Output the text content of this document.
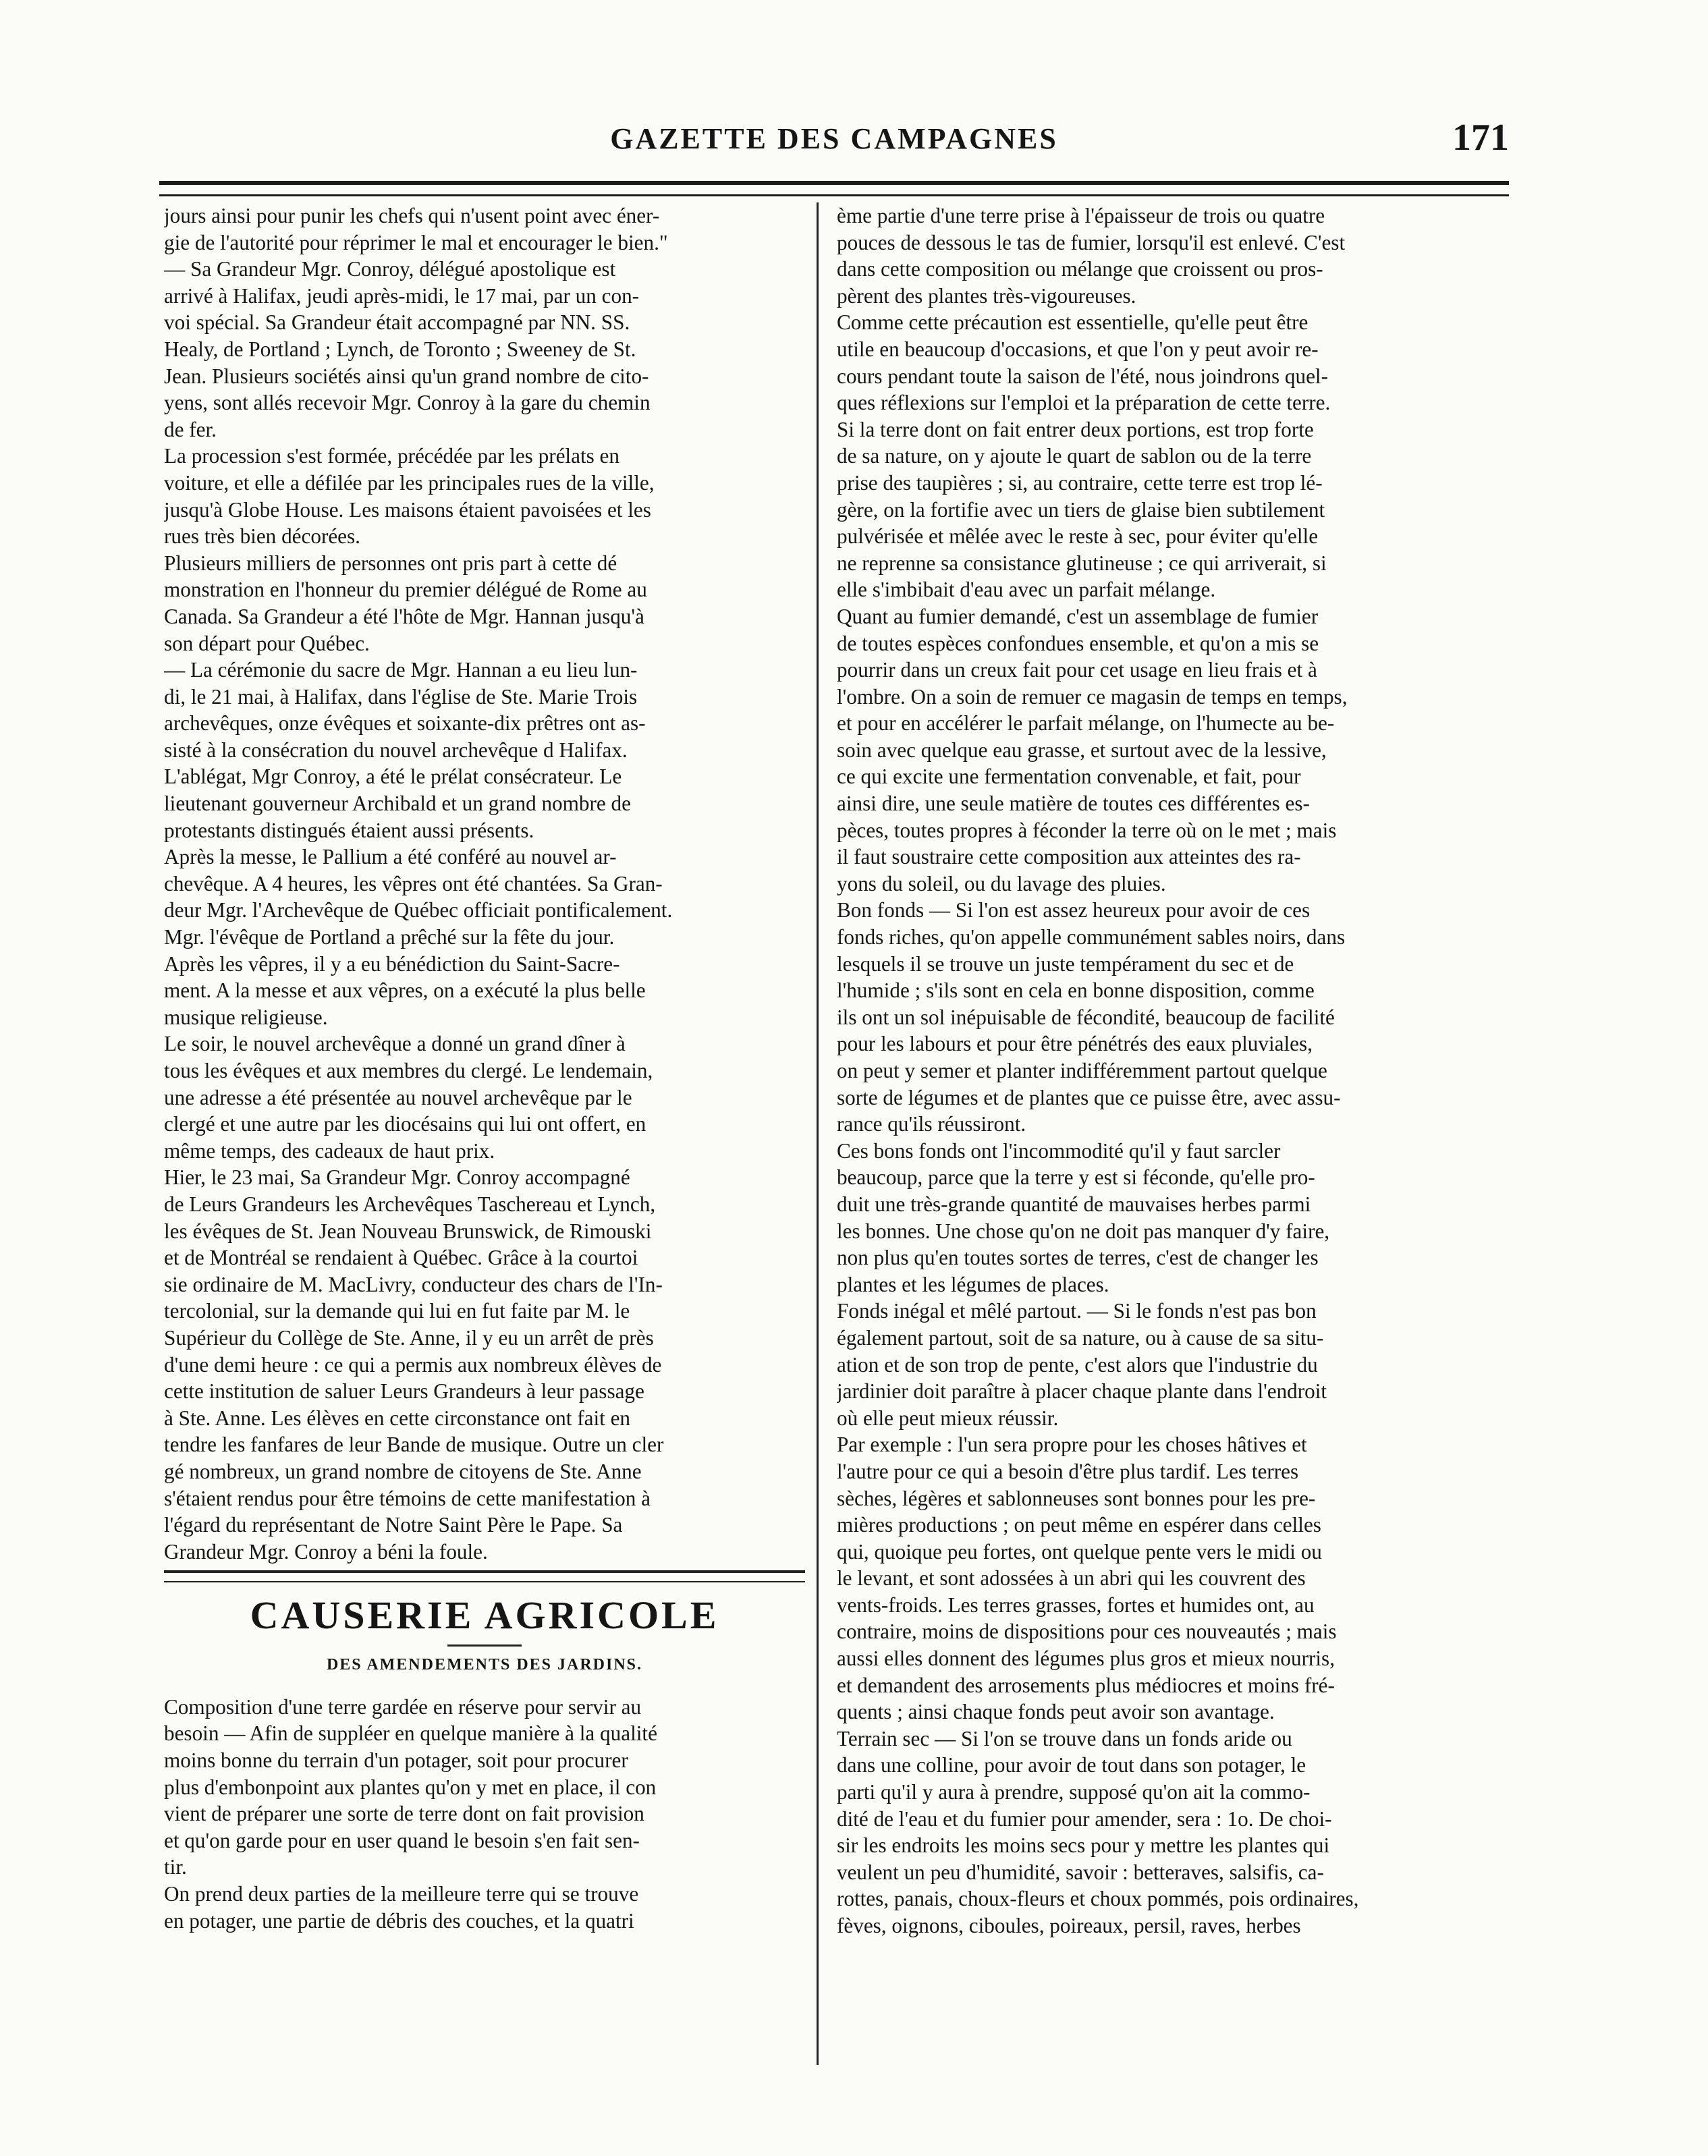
GAZETTE DES CAMPAGNES	171
jours ainsi pour punir les chefs qui n'usent point avec éner-
gie de l'autorité pour réprimer le mal et encourager le bien."
— Sa Grandeur Mgr. Conroy, délégué apostolique est
arrivé à Halifax, jeudi après-midi, le 17 mai, par un con-
voi spécial. Sa Grandeur était accompagné par NN. SS.
Healy, de Portland ; Lynch, de Toronto ; Sweeney de St.
Jean. Plusieurs sociétés ainsi qu'un grand nombre de cito-
yens, sont allés recevoir Mgr. Conroy à la gare du chemin
de fer.
La procession s'est formée, précédée par les prélats en
voiture, et elle a défilée par les principales rues de la ville,
jusqu'à Globe House. Les maisons étaient pavoisées et les
rues très bien décorées.
Plusieurs milliers de personnes ont pris part à cette dé
monstration en l'honneur du premier délégué de Rome au
Canada. Sa Grandeur a été l'hôte de Mgr. Hannan jusqu'à
son départ pour Québec.
— La cérémonie du sacre de Mgr. Hannan a eu lieu lun-
di, le 21 mai, à Halifax, dans l'église de Ste. Marie Trois
archevêques, onze évêques et soixante-dix prêtres ont as-
sisté à la consécration du nouvel archevêque d Halifax.
L'ablégat, Mgr Conroy, a été le prélat consécrateur. Le
lieutenant gouverneur Archibald et un grand nombre de
protestants distingués étaient aussi présents.
Après la messe, le Pallium a été conféré au nouvel ar-
chevêque. A 4 heures, les vêpres ont été chantées. Sa Gran-
deur Mgr. l'Archevêque de Québec officiait pontificalement.
Mgr. l'évêque de Portland a prêché sur la fête du jour.
Après les vêpres, il y a eu bénédiction du Saint-Sacre-
ment. A la messe et aux vêpres, on a exécuté la plus belle
musique religieuse.
Le soir, le nouvel archevêque a donné un grand dîner à
tous les évêques et aux membres du clergé. Le lendemain,
une adresse a été présentée au nouvel archevêque par le
clergé et une autre par les diocésains qui lui ont offert, en
même temps, des cadeaux de haut prix.
Hier, le 23 mai, Sa Grandeur Mgr. Conroy accompagné
de Leurs Grandeurs les Archevêques Taschereau et Lynch,
les évêques de St. Jean Nouveau Brunswick, de Rimouski
et de Montréal se rendaient à Québec. Grâce à la courtoi
sie ordinaire de M. MacLivry, conducteur des chars de l'In-
tercolonial, sur la demande qui lui en fut faite par M. le
Supérieur du Collège de Ste. Anne, il y eu un arrêt de près
d'une demi heure : ce qui a permis aux nombreux élèves de
cette institution de saluer Leurs Grandeurs à leur passage
à Ste. Anne. Les élèves en cette circonstance ont fait en
tendre les fanfares de leur Bande de musique. Outre un cler
gé nombreux, un grand nombre de citoyens de Ste. Anne
s'étaient rendus pour être témoins de cette manifestation à
l'égard du représentant de Notre Saint Père le Pape. Sa
Grandeur Mgr. Conroy a béni la foule.
CAUSERIE AGRICOLE
DES AMENDEMENTS DES JARDINS.
Composition d'une terre gardée en réserve pour servir au
besoin — Afin de suppléer en quelque manière à la qualité
moins bonne du terrain d'un potager, soit pour procurer
plus d'embonpoint aux plantes qu'on y met en place, il con
vient de préparer une sorte de terre dont on fait provision
et qu'on garde pour en user quand le besoin s'en fait sen-
tir.
On prend deux parties de la meilleure terre qui se trouve
en potager, une partie de débris des couches, et la quatri
ème partie d'une terre prise à l'épaisseur de trois ou quatre
pouces de dessous le tas de fumier, lorsqu'il est enlevé. C'est
dans cette composition ou mélange que croissent ou pros-
pèrent des plantes très-vigoureuses.
Comme cette précaution est essentielle, qu'elle peut être
utile en beaucoup d'occasions, et que l'on y peut avoir re-
cours pendant toute la saison de l'été, nous joindrons quel-
ques réflexions sur l'emploi et la préparation de cette terre.
Si la terre dont on fait entrer deux portions, est trop forte
de sa nature, on y ajoute le quart de sablon ou de la terre
prise des taupières ; si, au contraire, cette terre est trop lé-
gère, on la fortifie avec un tiers de glaise bien subtilement
pulvérisée et mêlée avec le reste à sec, pour éviter qu'elle
ne reprenne sa consistance glutineuse ; ce qui arriverait, si
elle s'imbibait d'eau avec un parfait mélange.
Quant au fumier demandé, c'est un assemblage de fumier
de toutes espèces confondues ensemble, et qu'on a mis se
pourrir dans un creux fait pour cet usage en lieu frais et à
l'ombre. On a soin de remuer ce magasin de temps en temps,
et pour en accélérer le parfait mélange, on l'humecte au be-
soin avec quelque eau grasse, et surtout avec de la lessive,
ce qui excite une fermentation convenable, et fait, pour
ainsi dire, une seule matière de toutes ces différentes es-
pèces, toutes propres à féconder la terre où on le met ; mais
il faut soustraire cette composition aux atteintes des ra-
yons du soleil, ou du lavage des pluies.
Bon fonds — Si l'on est assez heureux pour avoir de ces
fonds riches, qu'on appelle communément sables noirs, dans
lesquels il se trouve un juste tempérament du sec et de
l'humide ; s'ils sont en cela en bonne disposition, comme
ils ont un sol inépuisable de fécondité, beaucoup de facilité
pour les labours et pour être pénétrés des eaux pluviales,
on peut y semer et planter indifféremment partout quelque
sorte de légumes et de plantes que ce puisse être, avec assu-
rance qu'ils réussiront.
Ces bons fonds ont l'incommodité qu'il y faut sarcler
beaucoup, parce que la terre y est si féconde, qu'elle pro-
duit une très-grande quantité de mauvaises herbes parmi
les bonnes. Une chose qu'on ne doit pas manquer d'y faire,
non plus qu'en toutes sortes de terres, c'est de changer les
plantes et les légumes de places.
Fonds inégal et mêlé partout. — Si le fonds n'est pas bon
également partout, soit de sa nature, ou à cause de sa situ-
ation et de son trop de pente, c'est alors que l'industrie du
jardinier doit paraître à placer chaque plante dans l'endroit
où elle peut mieux réussir.
Par exemple : l'un sera propre pour les choses hâtives et
l'autre pour ce qui a besoin d'être plus tardif. Les terres
sèches, légères et sablonneuses sont bonnes pour les pre-
mières productions ; on peut même en espérer dans celles
qui, quoique peu fortes, ont quelque pente vers le midi ou
le levant, et sont adossées à un abri qui les couvrent des
vents-froids. Les terres grasses, fortes et humides ont, au
contraire, moins de dispositions pour ces nouveautés ; mais
aussi elles donnent des légumes plus gros et mieux nourris,
et demandent des arrosements plus médiocres et moins fré-
quents ; ainsi chaque fonds peut avoir son avantage.
Terrain sec — Si l'on se trouve dans un fonds aride ou
dans une colline, pour avoir de tout dans son potager, le
parti qu'il y aura à prendre, supposé qu'on ait la commo-
dité de l'eau et du fumier pour amender, sera : 1o. De choi-
sir les endroits les moins secs pour y mettre les plantes qui
veulent un peu d'humidité, savoir : betteraves, salsifis, ca-
rottes, panais, choux-fleurs et choux pommés, pois ordinaires,
fèves, oignons, ciboules, poireaux, persil, raves, herbes
